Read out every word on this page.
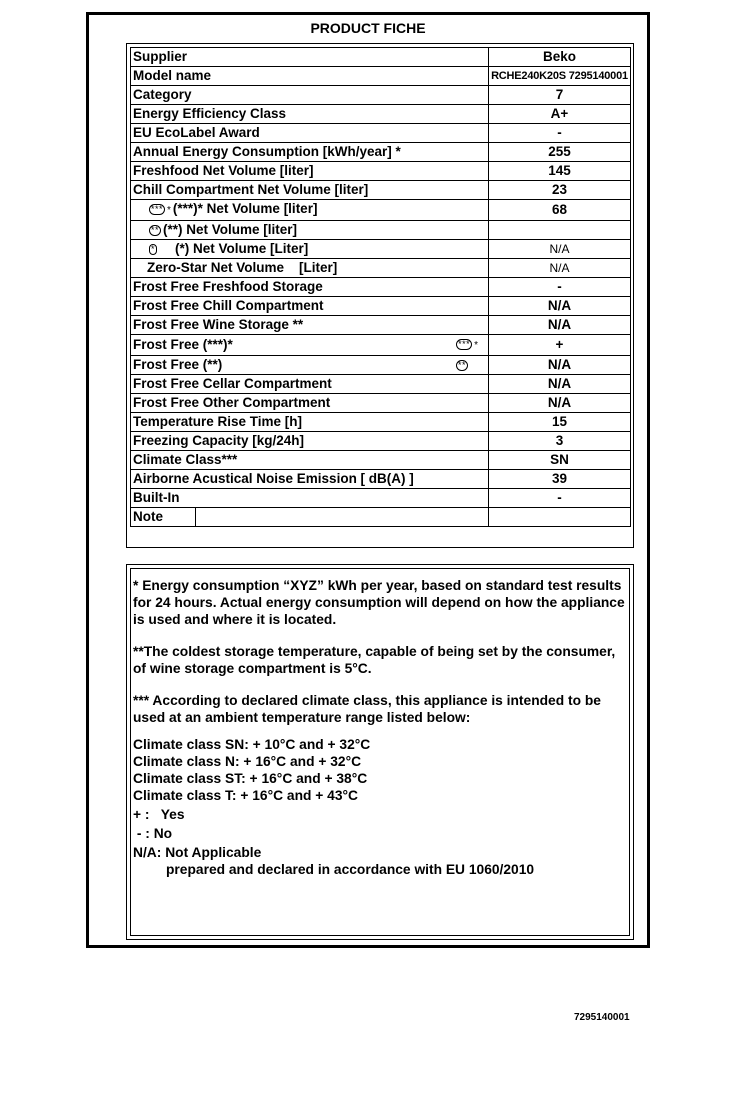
PRODUCT FICHE
Supplier	Beko
Model name	RCHE240K20S 7295140001
Category	7
Energy Efficiency Class	A+
EU EcoLabel Award	-
Annual Energy Consumption [kWh/year] *	255
Freshfood Net Volume [liter]	145
Chill Compartment Net Volume [liter]	23
*** * (***)* Net Volume [liter]	68
** (**) Net Volume [liter]	
* (*) Net Volume [Liter]	N/A
Zero-Star Net Volume    [Liter]	N/A
Frost Free Freshfood Storage	-
Frost Free Chill Compartment	N/A
Frost Free Wine Storage **	N/A

Frost Free (***)* *** *	+

Frost Free (**) **	N/A
Frost Free Cellar Compartment	N/A
Frost Free Other Compartment	N/A
Temperature Rise Time [h]	15
Freezing Capacity [kg/24h]	3
Climate Class***	SN
Airborne Acustical Noise Emission [ dB(A) ]	39
Built-In	-

Note	

* Energy consumption “XYZ” kWh per year, based on standard test results for 24 hours. Actual energy consumption will depend on how the appliance is used and where it is located.

**The coldest storage temperature, capable of being set by the consumer, of wine storage compartment is 5°C.

*** According to declared climate class, this appliance is intended to be used at an ambient temperature range listed below:

Climate class SN: + 10°C and + 32°C

Climate class N: + 16°C and + 32°C

Climate class ST: + 16°C and + 38°C

Climate class T: + 16°C and + 43°C

+ :   Yes

- : No

N/A: Not Applicable

prepared and declared in accordance with EU 1060/2010

7295140001
